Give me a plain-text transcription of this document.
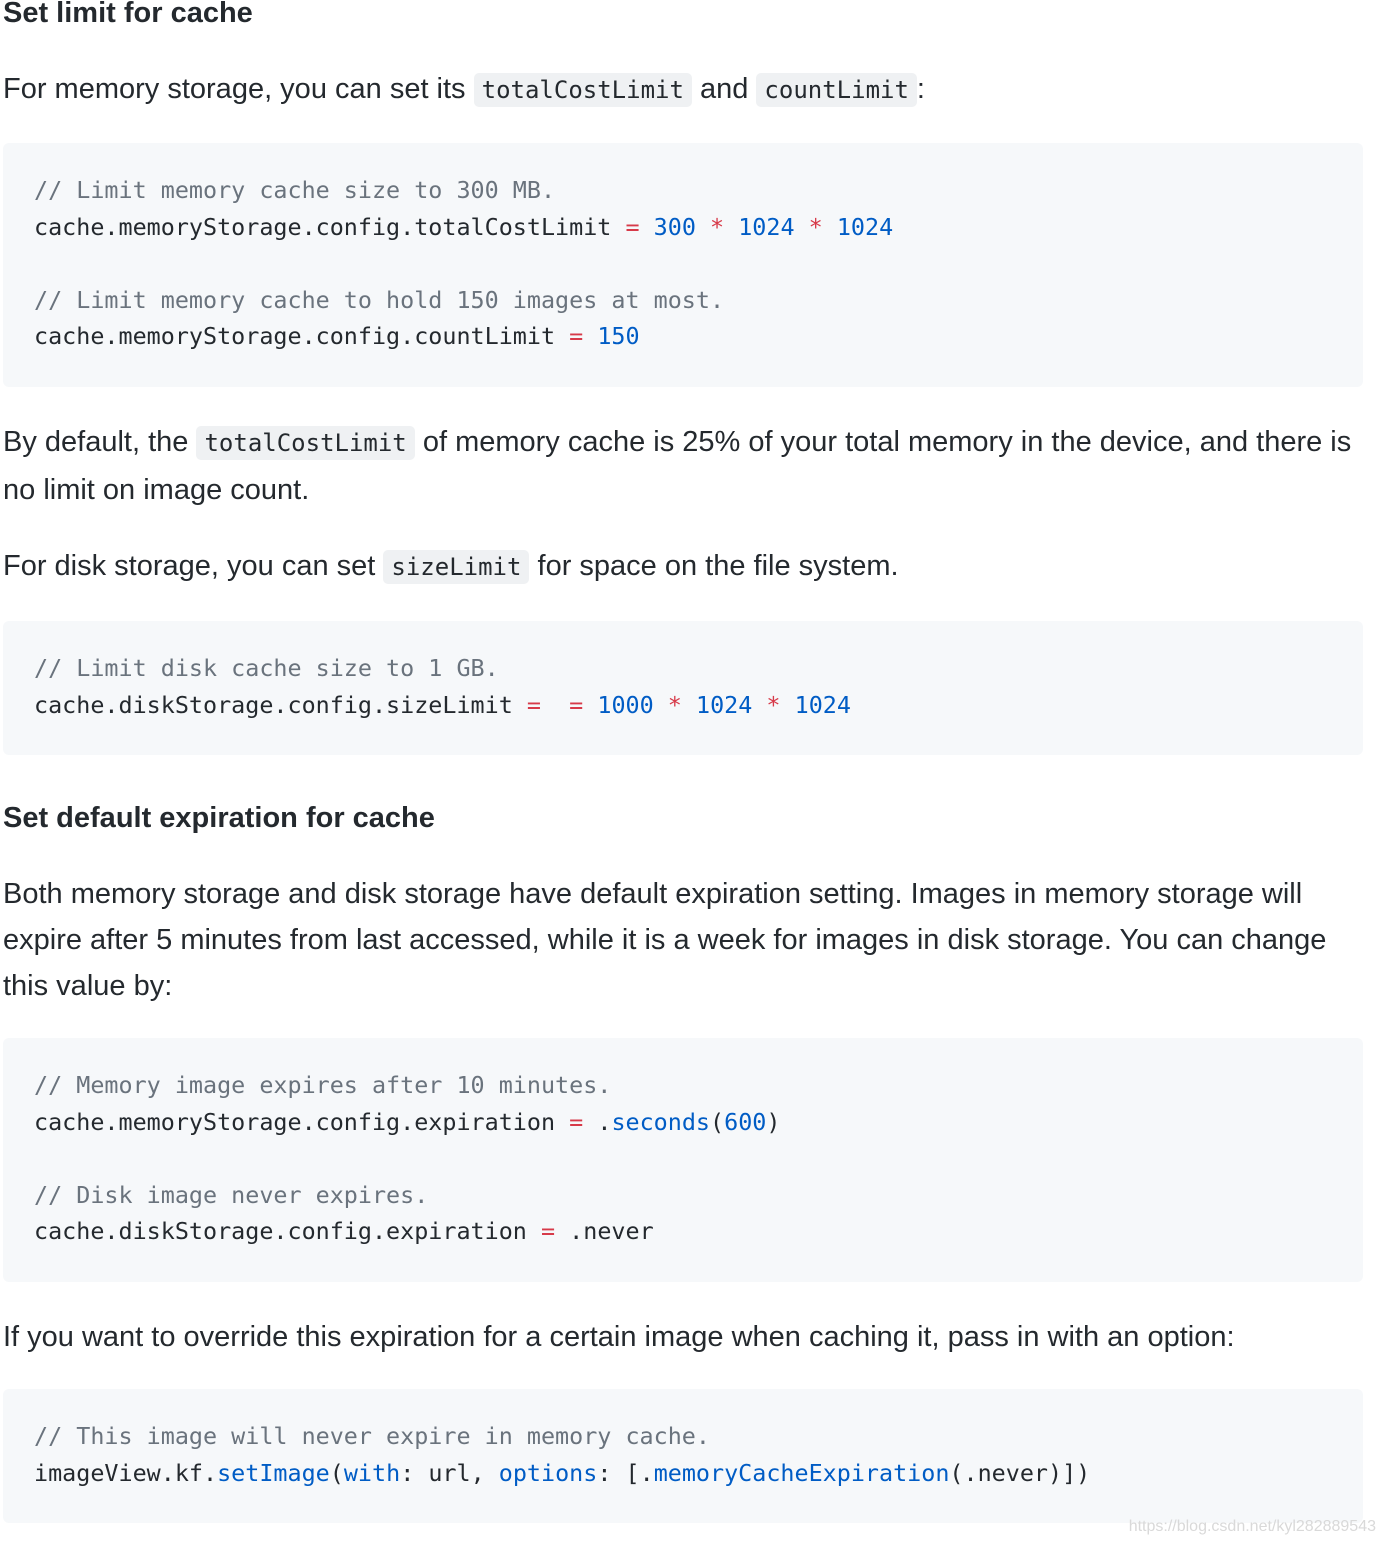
Set limit for cache

For memory storage, you can set its totalCostLimit and countLimit :

// Limit memory cache size to 300 MB.
cache.memoryStorage.config.totalCostLimit = 300 * 1024 * 1024

// Limit memory cache to hold 150 images at most.
cache.memoryStorage.config.countLimit = 150

By default, the totalCostLimit of memory cache is 25% of your total memory in the device, and there is no limit on image count.

For disk storage, you can set sizeLimit for space on the file system.

// Limit disk cache size to 1 GB.
cache.diskStorage.config.sizeLimit = = 1000 * 1024 * 1024
Set default expiration for cache

Both memory storage and disk storage have default expiration setting. Images in memory storage will expire after 5 minutes from last accessed, while it is a week for images in disk storage. You can change this value by:

// Memory image expires after 10 minutes.
cache.memoryStorage.config.expiration = .seconds(600)

// Disk image never expires.
cache.diskStorage.config.expiration = .never

If you want to override this expiration for a certain image when caching it, pass in with an option:

// This image will never expire in memory cache.
imageView.kf.setImage(with: url, options: [.memoryCacheExpiration(.never)])
https://blog.csdn.net/kyl282889543
